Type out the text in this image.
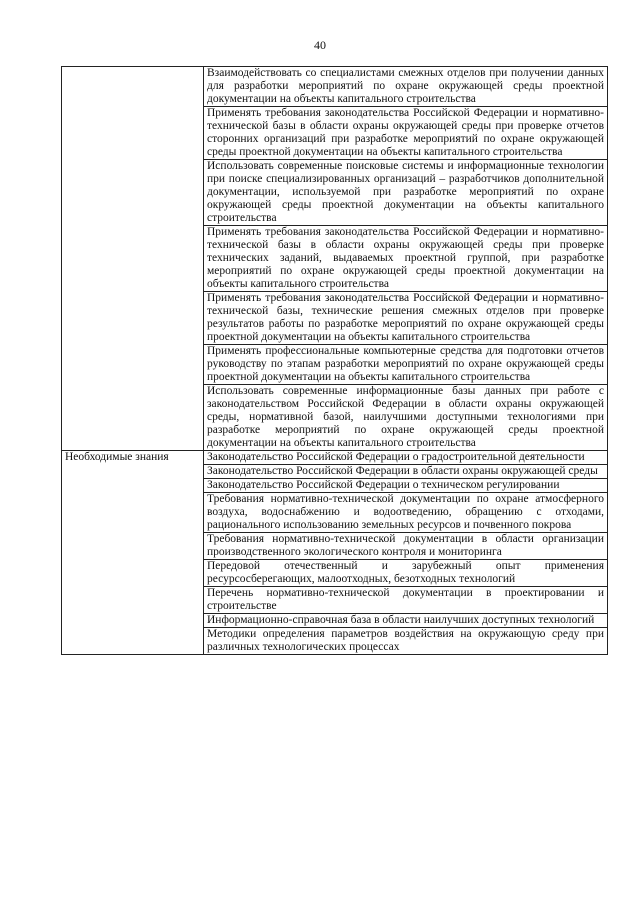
40
	Взаимодействовать со специалистами смежных отделов при получении данных для разработки мероприятий по охране окружающей среды проектной документации на объекты капитального строительства
	Применять требования законодательства Российской Федерации и нормативно-технической базы в области охраны окружающей среды при проверке отчетов сторонних организаций при разработке мероприятий по охране окружающей среды проектной документации на объекты капитального строительства
	Использовать современные поисковые системы и информационные технологии при поиске специализированных организаций – разработчиков дополнительной документации, используемой при разработке мероприятий по охране окружающей среды проектной документации на объекты капитального строительства
	Применять требования законодательства Российской Федерации и нормативно-технической базы в области охраны окружающей среды при проверке технических заданий, выдаваемых проектной группой, при разработке мероприятий по охране окружающей среды проектной документации на объекты капитального строительства
	Применять требования законодательства Российской Федерации и нормативно-технической базы, технические решения смежных отделов при проверке результатов работы по разработке мероприятий по охране окружающей среды проектной документации на объекты капитального строительства
	Применять профессиональные компьютерные средства для подготовки отчетов руководству по этапам разработки мероприятий по охране окружающей среды проектной документации на объекты капитального строительства
	Использовать современные информационные базы данных при работе с законодательством Российской Федерации в области охраны окружающей среды, нормативной базой, наилучшими доступными технологиями при разработке мероприятий по охране окружающей среды проектной документации на объекты капитального строительства
Необходимые знания	Законодательство Российской Федерации о градостроительной деятельности
	Законодательство Российской Федерации в области охраны окружающей среды
	Законодательство Российской Федерации о техническом регулировании
	Требования нормативно-технической документации по охране атмосферного воздуха, водоснабжению и водоотведению, обращению с отходами, рационального использованию земельных ресурсов и почвенного покрова
	Требования нормативно-технической документации в области организации производственного экологического контроля и мониторинга
	Передовой отечественный и зарубежный опыт применения ресурсосберегающих, малоотходных, безотходных технологий
	Перечень нормативно-технической документации в проектировании и строительстве
	Информационно-справочная база в области наилучших доступных технологий
	Методики определения параметров воздействия на окружающую среду при различных технологических процессах
